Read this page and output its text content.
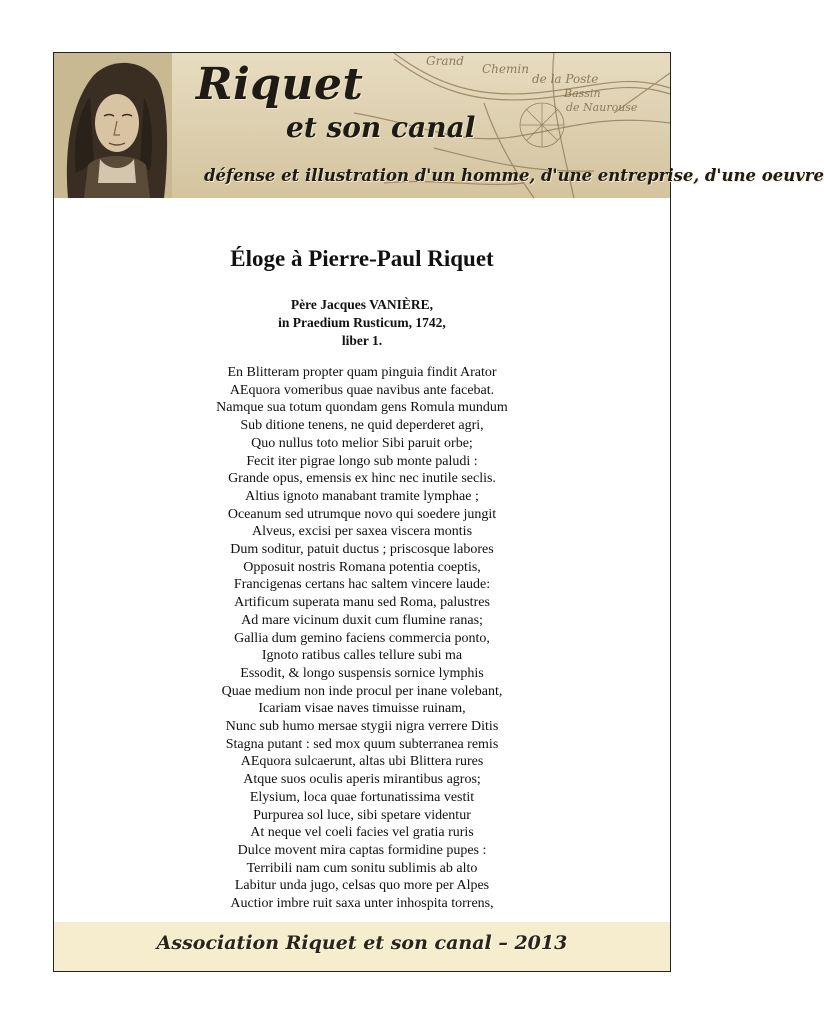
Grand
Chemin
de la Poste
Bassin
de Naurouse
Riquet
et son canal
défense et illustration d'un homme, d'une entreprise, d'une oeuvre
Éloge à Pierre-Paul Riquet
Père Jacques VANIÈRE,
in Praedium Rusticum, 1742,
liber 1.
En Blitteram propter quam pinguia findit Arator
AEquora vomeribus quae navibus ante facebat.
Namque sua totum quondam gens Romula mundum
Sub ditione tenens, ne quid deperderet agri,
Quo nullus toto melior Sibi paruit orbe;
Fecit iter pigrae longo sub monte paludi :
Grande opus, emensis ex hinc nec inutile seclis.
Altius ignoto manabant tramite lymphae ;
Oceanum sed utrumque novo qui soedere jungit
Alveus, excisi per saxea viscera montis
Dum soditur, patuit ductus ; priscosque labores
Opposuit nostris Romana potentia coeptis,
Francigenas certans hac saltem vincere laude:
Artificum superata manu sed Roma, palustres
Ad mare vicinum duxit cum flumine ranas;
Gallia dum gemino faciens commercia ponto,
Ignoto ratibus calles tellure subi ma
Essodit, & longo suspensis sornice lymphis
Quae medium non inde procul per inane volebant,
Icariam visae naves timuisse ruinam,
Nunc sub humo mersae stygii nigra verrere Ditis
Stagna putant : sed mox quum subterranea remis
AEquora sulcaerunt, altas ubi Blittera rures
Atque suos oculis aperis mirantibus agros;
Elysium, loca quae fortunatissima vestit
Purpurea sol luce, sibi spetare videntur
At neque vel coeli facies vel gratia ruris
Dulce movent mira captas formidine pupes :
Terribili nam cum sonitu sublimis ab alto
Labitur unda jugo, celsas quo more per Alpes
Auctior imbre ruit saxa unter inhospita torrens,
Association Riquet et son canal – 2013
